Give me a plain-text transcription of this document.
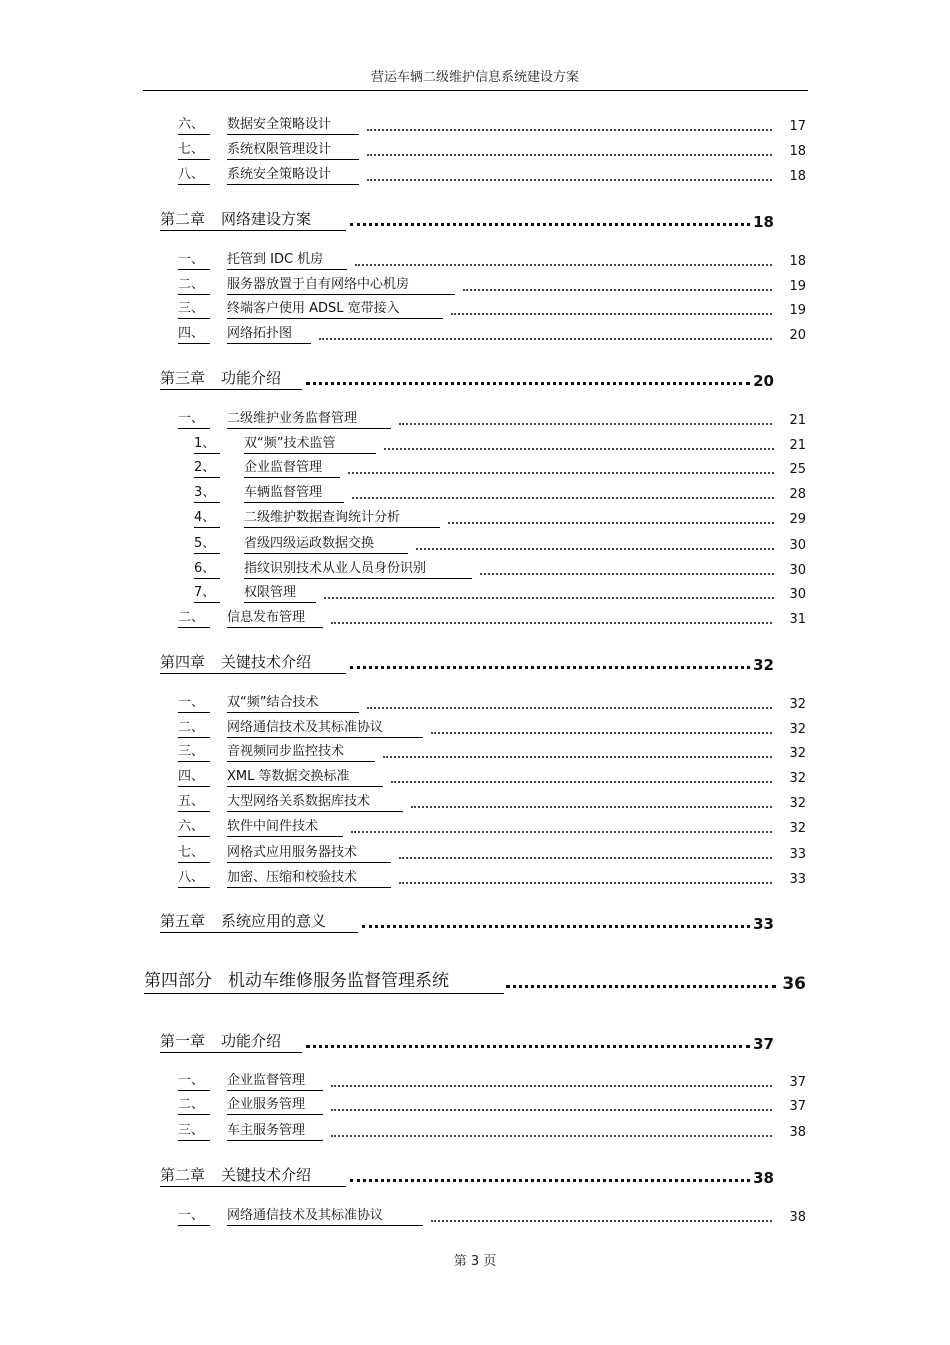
营运车辆二级维护信息系统建设方案
六、	数据安全策略设计	17
七、	系统权限管理设计	18
八、	系统安全策略设计	18
第二章 网络建设方案	18
一、	托管到 IDC 机房	18
二、	服务器放置于自有网络中心机房	19
三、	终端客户使用 ADSL 宽带接入	19
四、	网络拓扑图	20
第三章 功能介绍	20
一、	二级维护业务监督管理	21
1、	双“频”技术监管	21
2、	企业监督管理	25
3、	车辆监督管理	28
4、	二级维护数据查询统计分析	29
5、	省级四级运政数据交换	30
6、	指纹识别技术从业人员身份识别	30
7、	权限管理	30
二、	信息发布管理	31
第四章 关键技术介绍	32
一、	双“频”结合技术	32
二、	网络通信技术及其标准协议	32
三、	音视频同步监控技术	32
四、	XML 等数据交换标准	32
五、	大型网络关系数据库技术	32
六、	软件中间件技术	32
七、	网格式应用服务器技术	33
八、	加密、压缩和校验技术	33
第五章 系统应用的意义	33
第四部分 机动车维修服务监督管理系统	36
第一章 功能介绍	37
一、	企业监督管理	37
二、	企业服务管理	37
三、	车主服务管理	38
第二章 关键技术介绍	38
一、	网络通信技术及其标准协议	38
第 3 页
